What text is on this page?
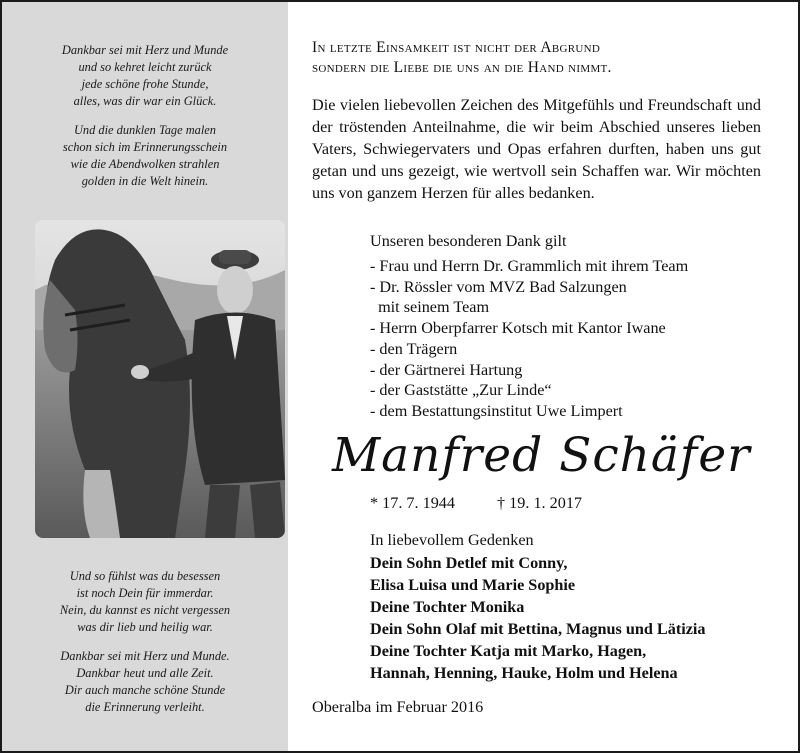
Dankbar sei mit Herz und Munde
und so kehret leicht zurück
jede schöne frohe Stunde,
alles, was dir war ein Glück.
Und die dunklen Tage malen
schon sich im Erinnerungsschein
wie die Abendwolken strahlen
golden in die Welt hinein.
Und so fühlst was du besessen
ist noch Dein für immerdar.
Nein, du kannst es nicht vergessen
was dir lieb und heilig war.
Dankbar sei mit Herz und Munde.
Dankbar heut und alle Zeit.
Dir auch manche schöne Stunde
die Erinnerung verleiht.
In letzte Einsamkeit ist nicht der Abgrund
sondern die Liebe die uns an die Hand nimmt.
Die vielen liebevollen Zeichen des Mitgefühls und Freundschaft und der tröstenden Anteilnahme, die wir beim Abschied unseres lieben Vaters, Schwiegervaters und Opas erfahren durften, haben uns gut getan und uns gezeigt, wie wertvoll sein Schaffen war. Wir möchten uns von ganzem Herzen für alles bedanken.
Unseren besonderen Dank gilt
- Frau und Herrn Dr. Grammlich mit ihrem Team
- Dr. Rössler vom MVZ Bad Salzungen
mit seinem Team
- Herrn Oberpfarrer Kotsch mit Kantor Iwane
- den Trägern
- der Gärtnerei Hartung
- der Gaststätte „Zur Linde“
- dem Bestattungsinstitut Uwe Limpert
Manfred Schäfer
* 17. 7. 1944	† 19. 1. 2017
In liebevollem Gedenken
Dein Sohn Detlef mit Conny,
Elisa Luisa und Marie Sophie
Deine Tochter Monika
Dein Sohn Olaf mit Bettina, Magnus und Lätizia
Deine Tochter Katja mit Marko, Hagen,
Hannah, Henning, Hauke, Holm und Helena
Oberalba im Februar 2016
